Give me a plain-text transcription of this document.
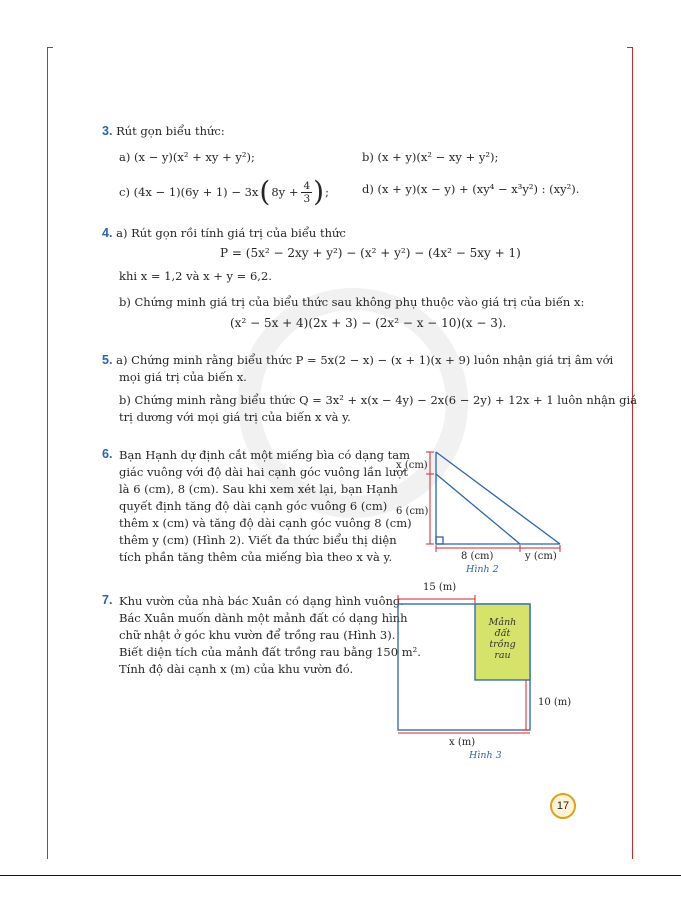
3. Rút gọn biểu thức:
a) (x − y)(x² + xy + y²);	b) (x + y)(x² − xy + y²);
c) (4x − 1)(6y + 1) − 3x ( $8y + \frac{4}{3}$ ) ;	d) (x + y)(x − y) + (xy⁴ − x³y²) : (xy²).
4. a) Rút gọn rồi tính giá trị của biểu thức
P = (5x² − 2xy + y²) − (x² + y²) − (4x² − 5xy + 1)
khi x = 1,2 và x + y = 6,2.
b) Chứng minh giá trị của biểu thức sau không phụ thuộc vào giá trị của biến x:
(x² − 5x + 4)(2x + 3) − (2x² − x − 10)(x − 3).
5. a) Chứng minh rằng biểu thức P = 5x(2 − x) − (x + 1)(x + 9) luôn nhận giá trị âm với
mọi giá trị của biến x.
b) Chứng minh rằng biểu thức Q = 3x² + x(x − 4y) − 2x(6 − 2y) + 12x + 1 luôn nhận giá
trị dương với mọi giá trị của biến x và y.
6. Bạn Hạnh dự định cắt một miếng bìa có dạng tam
giác vuông với độ dài hai cạnh góc vuông lần lượt
là 6 (cm), 8 (cm). Sau khi xem xét lại, bạn Hạnh
quyết định tăng độ dài cạnh góc vuông 6 (cm)
thêm x (cm) và tăng độ dài cạnh góc vuông 8 (cm)
thêm y (cm) (Hình 2). Viết đa thức biểu thị diện
tích phần tăng thêm của miếng bìa theo x và y.
x (cm)
6 (cm)
8 (cm)	y (cm)
Hình 2
7. Khu vườn của nhà bác Xuân có dạng hình vuông.
Bác Xuân muốn dành một mảnh đất có dạng hình
chữ nhật ở góc khu vườn để trồng rau (Hình 3).
Biết diện tích của mảnh đất trồng rau bằng 150 m².
Tính độ dài cạnh x (m) của khu vườn đó.
15 (m)
Mảnh
đất
trồng
rau
10 (m)
x (m)
Hình 3
17
